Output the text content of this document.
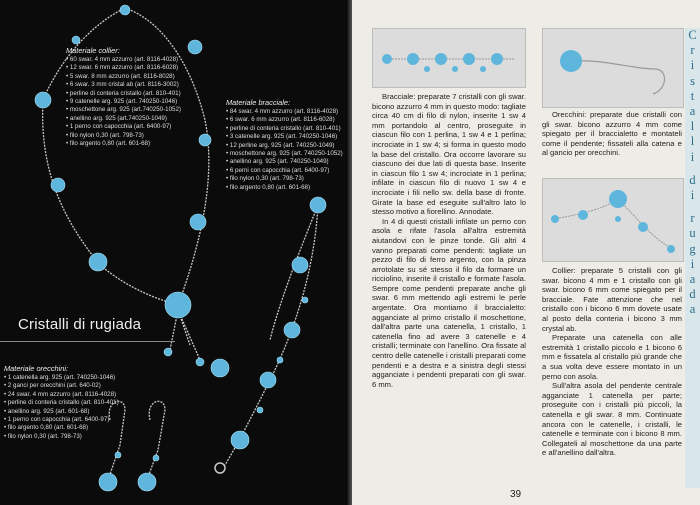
Materiale collier:
• 60 swar. 4 mm azzurro (art. 8116-4028)
• 12 swar. 6 mm azzurro (art. 8116-6028)
• 5 swar. 8 mm azzurro (art. 8116-8028)
• 6 swar. 3 mm cristal ab (art. 8116-3002)
• perline di conteria cristallo (art. 810-401)
• 9 catenelle arg. 925 (art. 740250-1046)
• moschettone arg. 925 (art.740250-1052)
• anellino arg. 925 (art.740250-1049)
• 1 perno con capocchia (art. 6400-97)
• filo nylon 0,30 (art. 798-73)
• filo argento 0,80 (art. 601-68)
Materiale bracciale:
• 84 swar. 4 mm azzurro (art. 8116-4028)
• 6 swar. 6 mm azzurro (art. 8116-6028)
• perline di conteria cristallo (art. 810-401)
• 3 catenelle arg. 925 (art. 740250-1046)
• 12 perline arg. 925 (art. 740250-1049)
• moschettone arg. 925 (art. 740250-1052)
• anellino arg. 925 (art. 740250-1049)
• 6 perni con capocchia (art. 6400-97)
• filo nylon 0,30 (art. 798-73)
• filo argento 0,80 (art. 601-68)
Cristalli di rugiada
Materiale orecchini:
• 1 catenella arg. 925 (art. 740250-1046)
• 2 ganci per orecchini (art. 640-02)
• 24 swar. 4 mm azzurro (art. 8116-4028)
• perline di conteria cristallo (art. 810-401)
• anellino arg. 925 (art. 601-68)
• 1 perno con capocchia (art. 6400-97)
• filo argento 0,80 (art. 601-68)
• filo nylon 0,30 (art. 798-73)

Bracciale: preparate 7 cristalli con gli swar. bicono azzurro 4 mm in questo modo: tagliate circa 40 cm di filo di nylon, inserite 1 sw 4 mm portandolo al centro, proseguite in ciascun filo con 1 perlina, 1 sw 4 e 1 perlina; incrociate in 1 sw 4; si forma in questo modo la base del cristallo. Ora occorre lavorare su ciascuno dei due lati di questa base. Inserite in ciascun filo 1 sw 4; incrociate in 1 perlina; infilate in ciascun filo di nuovo 1 sw 4 e incrociate i fili nello sw. della base di fronte. Girate la base ed eseguite sull'altro lato lo stesso motivo a fiorellino. Annodate.

In 4 di questi cristalli infilate un perno con asola e rifate l'asola all'altra estremità aiutandovi con le pinze tonde. Gli altri 4 vanno preparati come pendenti: tagliate un pezzo di filo di ferro argento, con la pinza arrotolate su sé stesso il filo da formare un ricciolino, inserite il cristallo e formate l'asola. Sempre come pendenti preparate anche gli swar. 6 mm mettendo agli estremi le perle argentate. Ora montiamo il braccialetto: agganciate al primo cristallo il moschettone, dall'altra parte una catenella, 1 cristallo, 1 catenella fino ad avere 3 catenelle e 4 cristalli; terminate con l'anellino. Ora fissate al centro delle catenelle i cristalli preparati come pendenti e a destra e a sinistra degli stessi agganciate i pendenti preparati con gli swar. 6 mm.

Orecchini: preparate due cristalli con gli swar. bicono azzurro 4 mm come spiegato per il braccialetto e montateli come il pendente; fissateli alla catena e al gancio per orecchini.

Collier: preparate 5 cristalli con gli swar. bicono 4 mm e 1 cristallo con gli swar. bicono 6 mm come spiegato per il bracciale. Fate attenzione che nel cristallo con i bicono 6 mm dovete usate al posto della conteria i bicono 3 mm crystal ab.

Preparate una catenella con alle estremità 1 cristallo piccolo e 1 bicono 6 mm e fissatela al cristallo più grande che a sua volta deve essere montato in un perno con asola.

Sull'altra asola del pendente centrale agganciate 1 catenella per parte; proseguite con i cristalli più piccoli, la catenella e gli swar. 8 mm. Continuate ancora con le catenelle, i cristalli, le catenelle e terminate con i bicono 8 mm. Collegateli al moschettone da una parte e all'anellino dall'altra.

39
C
r
i
s
t
a
l
l
i
d
i
r
u
g
i
a
d
a
